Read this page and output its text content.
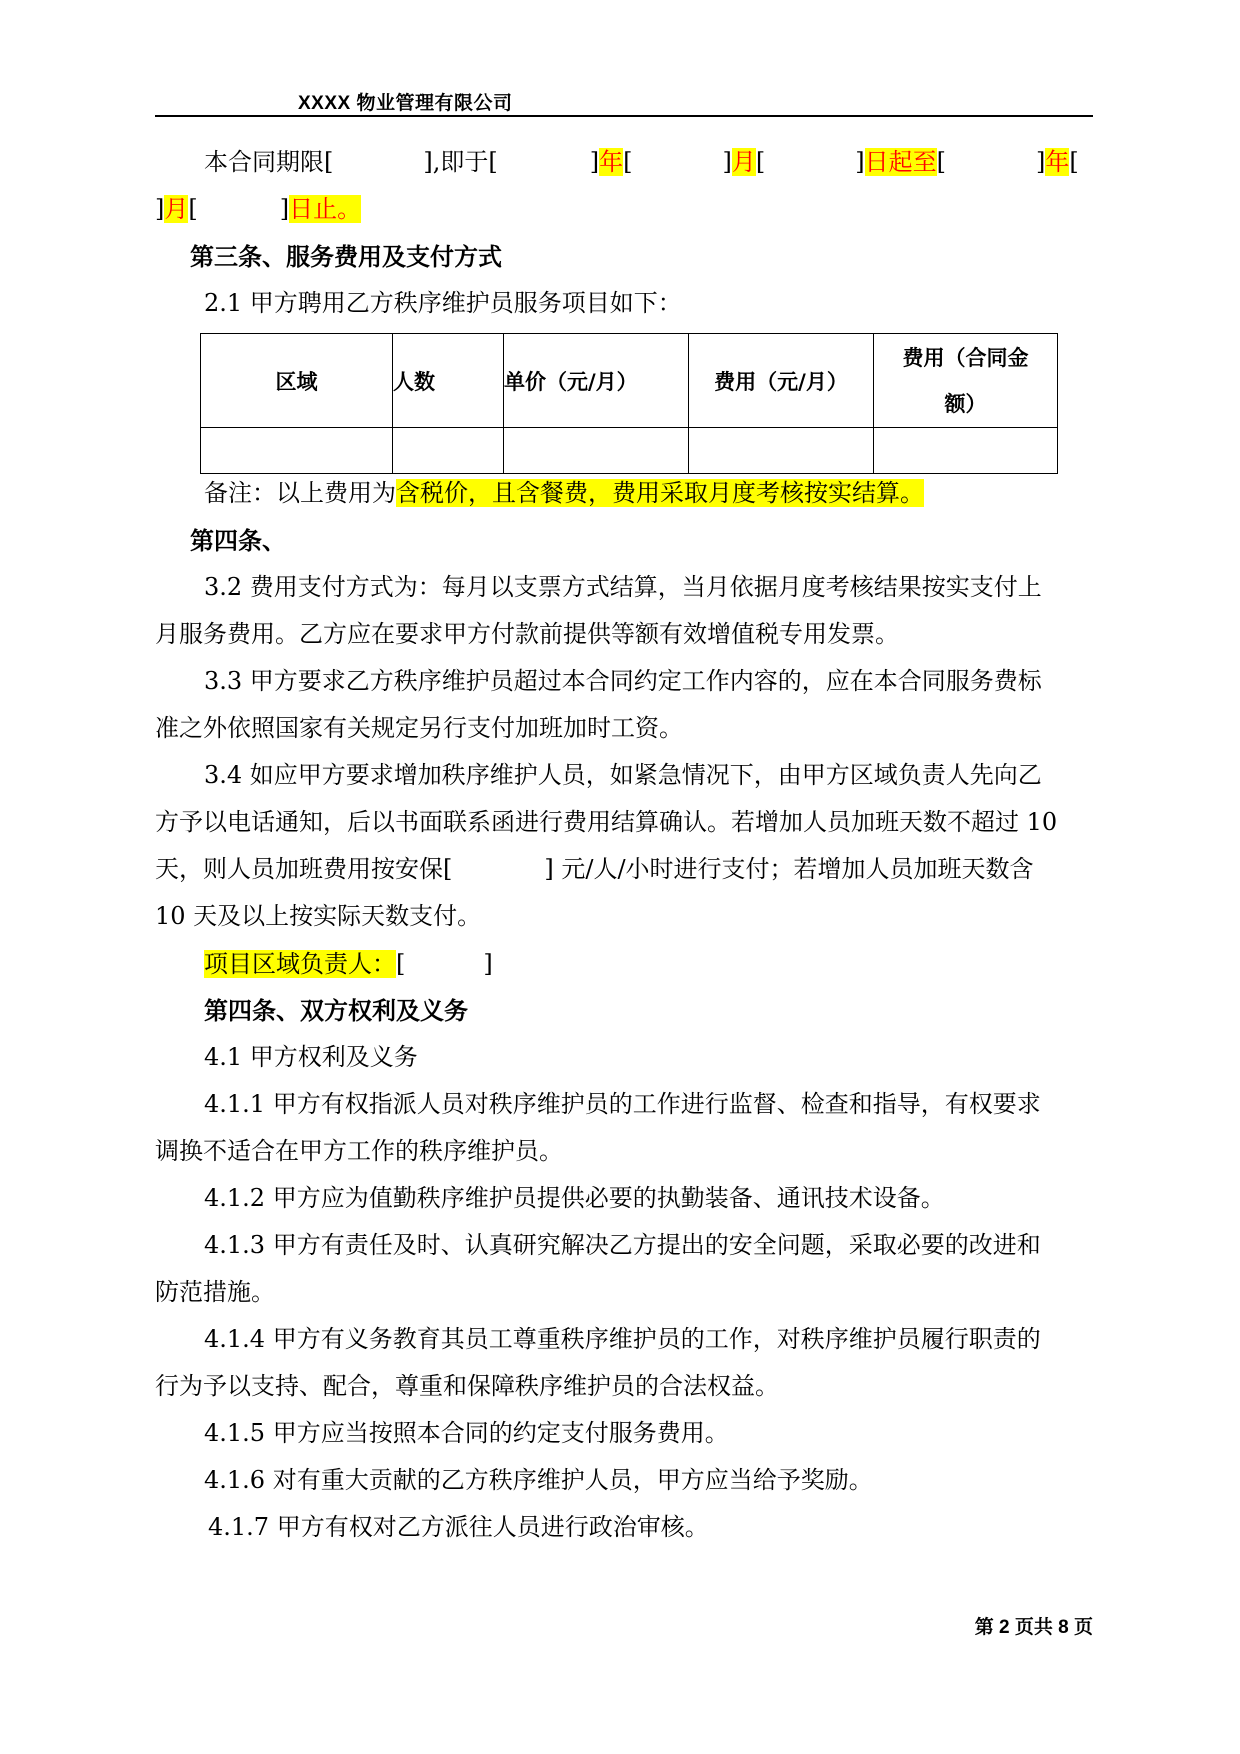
XXXX 物业管理有限公司
本合同期限[	],即于[	]年[	]月[	]日起至[	]年[
]月[	]日止。
第三条、服务费用及支付方式
2.1 甲方聘用乙方秩序维护员服务项目如下：
区域	人数	单价（元/月）	费用（元/月）	费用（合同金额）

备注：以上费用为含税价，且含餐费，费用采取月度考核按实结算。
第四条、
3.2 费用支付方式为：每月以支票方式结算，当月依据月度考核结果按实支付上
月服务费用。乙方应在要求甲方付款前提供等额有效增值税专用发票。
3.3 甲方要求乙方秩序维护员超过本合同约定工作内容的，应在本合同服务费标
准之外依照国家有关规定另行支付加班加时工资。
3.4 如应甲方要求增加秩序维护人员，如紧急情况下，由甲方区域负责人先向乙
方予以电话通知，后以书面联系函进行费用结算确认。若增加人员加班天数不超过 10
天，则人员加班费用按安保[	] 元/人/小时进行支付；若增加人员加班天数含
10 天及以上按实际天数支付。
项目区域负责人：[	]
第四条、双方权利及义务
4.1 甲方权利及义务
4.1.1 甲方有权指派人员对秩序维护员的工作进行监督、检查和指导，有权要求
调换不适合在甲方工作的秩序维护员。
4.1.2 甲方应为值勤秩序维护员提供必要的执勤装备、通讯技术设备。
4.1.3 甲方有责任及时、认真研究解决乙方提出的安全问题，采取必要的改进和
防范措施。
4.1.4 甲方有义务教育其员工尊重秩序维护员的工作，对秩序维护员履行职责的
行为予以支持、配合，尊重和保障秩序维护员的合法权益。
4.1.5 甲方应当按照本合同的约定支付服务费用。
4.1.6 对有重大贡献的乙方秩序维护人员，甲方应当给予奖励。
4.1.7 甲方有权对乙方派往人员进行政治审核。
第 2 页共 8 页
